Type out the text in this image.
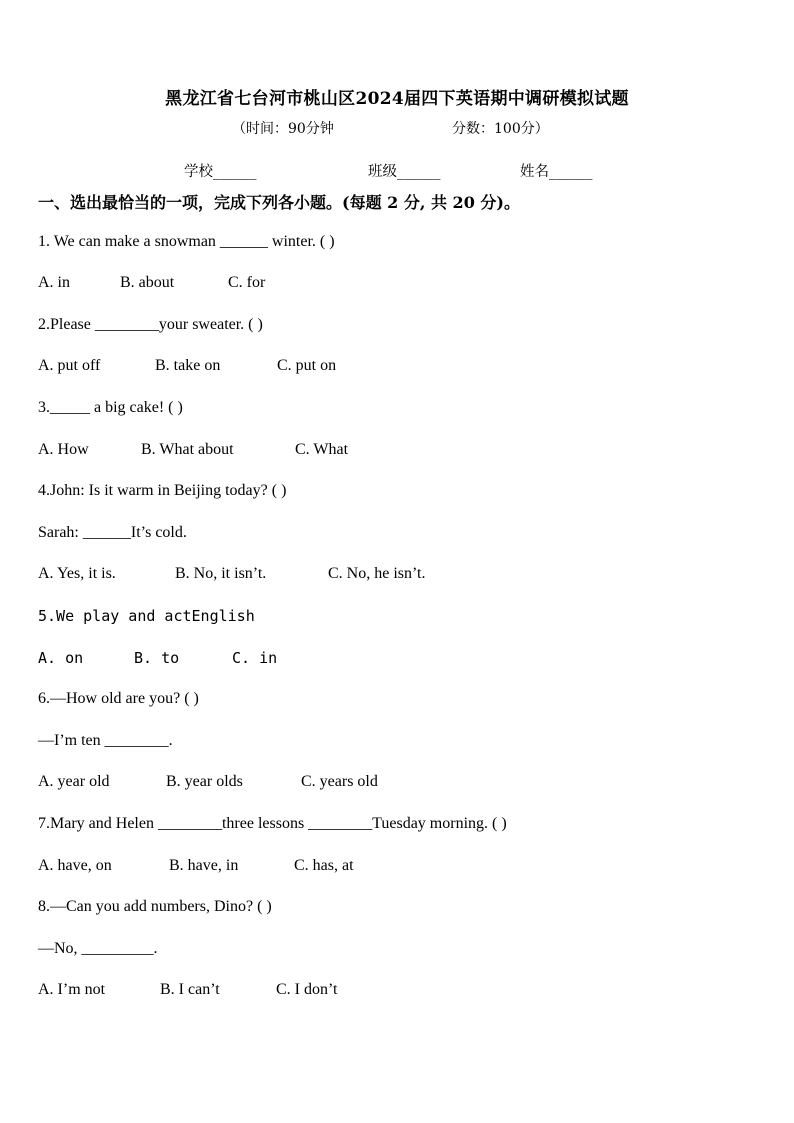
黑龙江省七台河市桃山区2024届四下英语期中调研模拟试题
（时间：90分钟	分数：100分）
学校______	班级______	姓名______
一、选出最恰当的一项，完成下列各小题。(每题 2 分, 共 20 分)。
1. We can make a snowman ______ winter. ( )
A. in	B. about	C. for
2.Please ________your sweater. ( )
A. put off	B. take on	C. put on
3._____ a big cake! ( )
A. How	B. What about	C. What
4.John: Is it warm in Beijing today? ( )
Sarah: ______It’s cold.
A. Yes, it is.	B. No, it isn’t.	C. No, he isn’t.
5.We play and actEnglish
A. on	B. to	C. in
6.—How old are you? ( )
—I’m ten ________.
A. year old	B. year olds	C. years old
7.Mary and Helen ________three lessons ________Tuesday morning. ( )
A. have, on	B. have, in	C. has, at
8.—Can you add numbers, Dino? ( )
—No, _________.
A. I’m not	B. I can’t	C. I don’t
